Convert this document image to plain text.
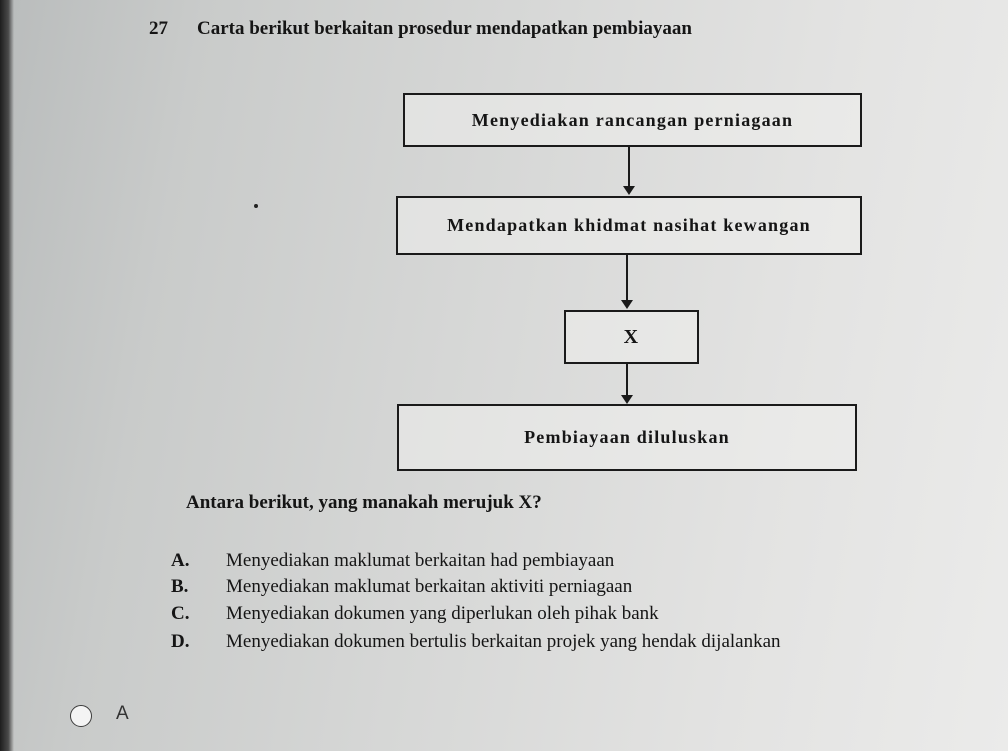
27 Carta berikut berkaitan prosedur mendapatkan pembiayaan
Menyediakan rancangan perniagaan
Mendapatkan khidmat nasihat kewangan
X
Pembiayaan diluluskan
Antara berikut, yang manakah merujuk X?
A. Menyediakan maklumat berkaitan had pembiayaan
B. Menyediakan maklumat berkaitan aktiviti perniagaan
C. Menyediakan dokumen yang diperlukan oleh pihak bank
D. Menyediakan dokumen bertulis berkaitan projek yang hendak dijalankan
A
